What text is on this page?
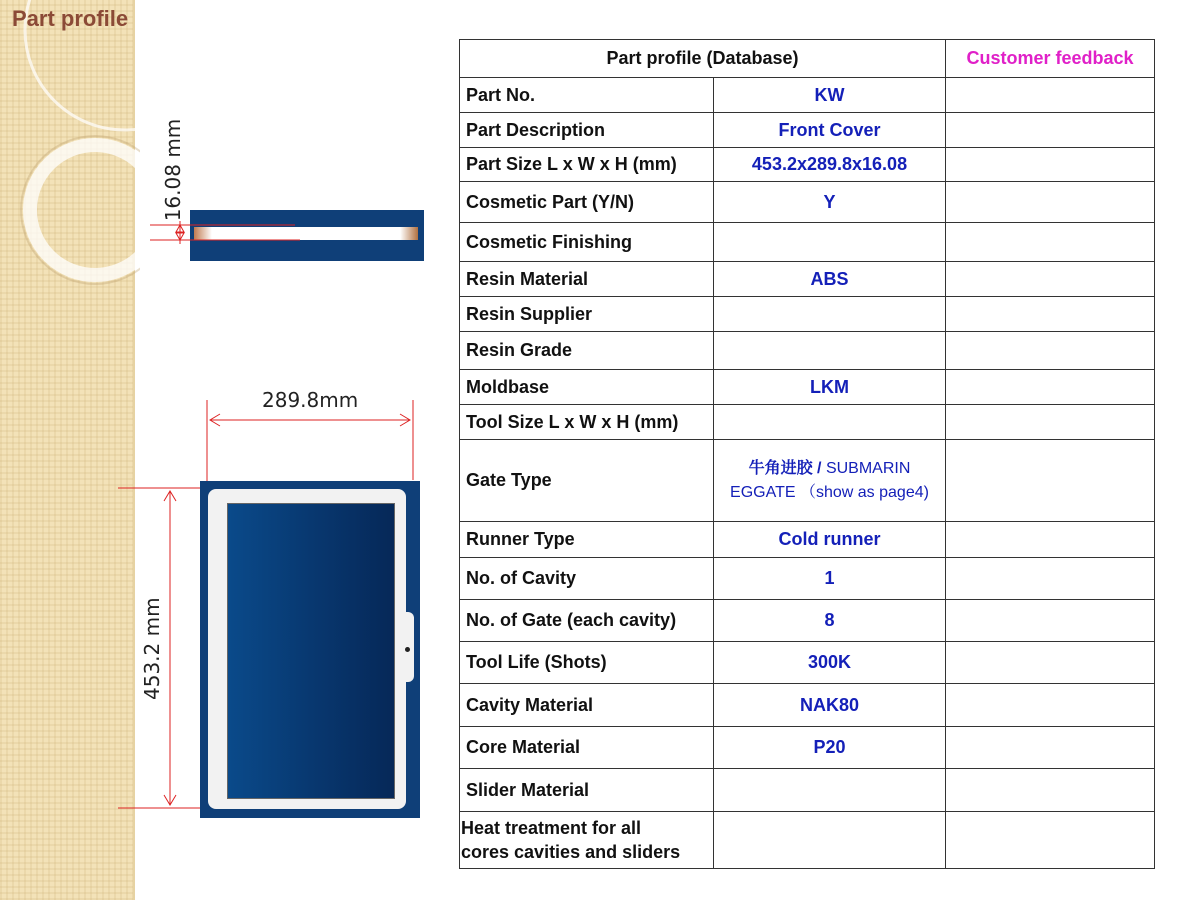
Part profile
16.08 mm
289.8mm
453.2 mm
Part profile (Database)		Customer feedback
Part No.	KW	
Part Description	Front Cover	
Part Size L x W x H (mm)	453.2x289.8x16.08	
Cosmetic Part (Y/N)	Y	
Cosmetic Finishing		
Resin Material	ABS	
Resin Supplier		
Resin Grade		
Moldbase	LKM	
Tool Size L x W x H (mm)		
Gate Type	牛角进胶 / SUBMARIN
EGGATE （show as page4)	
Runner Type	Cold runner	
No. of Cavity	1	
No. of Gate (each cavity)	8	
Tool Life (Shots)	300K	
Cavity Material	NAK80	
Core Material	P20	
Slider Material		
Heat treatment for all
cores cavities and sliders		
